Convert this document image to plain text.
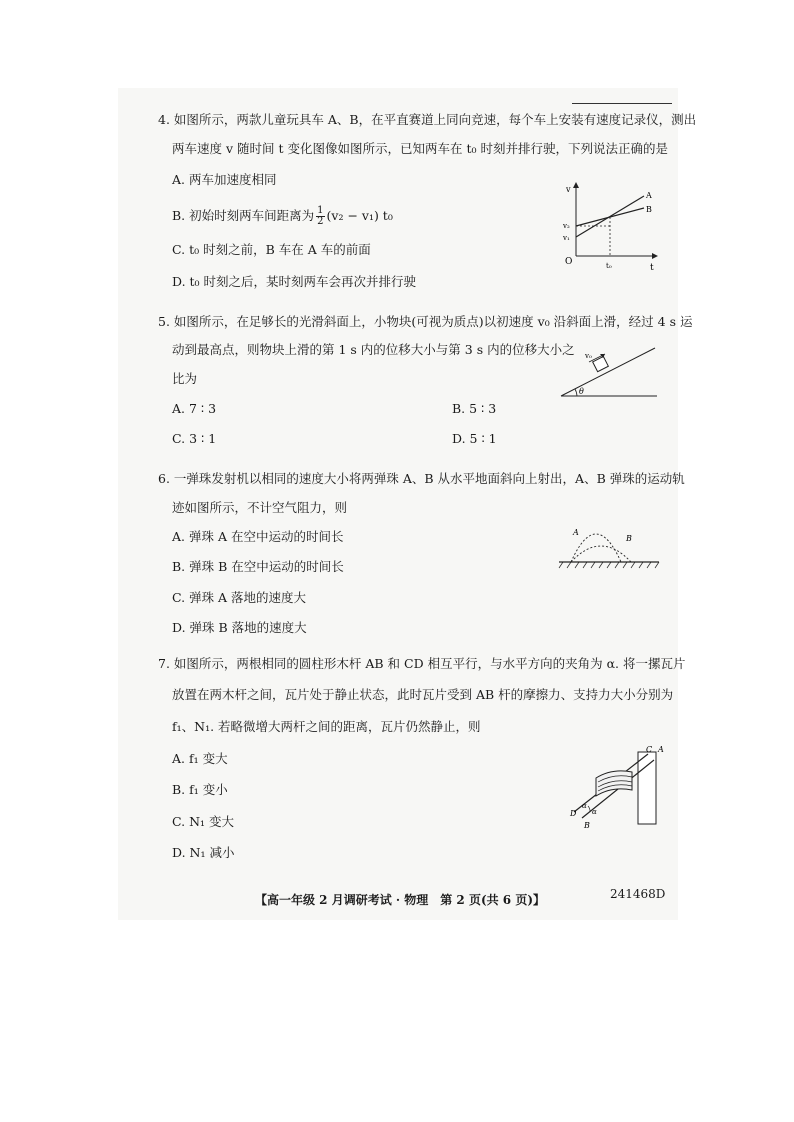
4. 如图所示，两款儿童玩具车 A、B，在平直赛道上同向竞速，每个车上安装有速度记录仪，测出
两车速度 v 随时间 t 变化图像如图所示，已知两车在 t₀ 时刻并排行驶，下列说法正确的是
A. 两车加速度相同
B. 初始时刻两车间距离为 $\frac{1}{2} (v_2 - v_1)$ t₀
C. t₀ 时刻之前，B 车在 A 车的前面
D. t₀ 时刻之后，某时刻两车会再次并排行驶
v
t
O
v₂
v₁
t₀
A
B
5. 如图所示，在足够长的光滑斜面上，小物块(可视为质点)以初速度 v₀ 沿斜面上滑，经过 4 s 运
动到最高点，则物块上滑的第 1 s 内的位移大小与第 3 s 内的位移大小之
比为
A. 7 ∶ 3	B. 5 ∶ 3
C. 3 ∶ 1	D. 5 ∶ 1
v₀
θ
6. 一弹珠发射机以相同的速度大小将两弹珠 A、B 从水平地面斜向上射出，A、B 弹珠的运动轨
迹如图所示，不计空气阻力，则
A. 弹珠 A 在空中运动的时间长
B. 弹珠 B 在空中运动的时间长
C. 弹珠 A 落地的速度大
D. 弹珠 B 落地的速度大
A
B
7. 如图所示，两根相同的圆柱形木杆 AB 和 CD 相互平行，与水平方向的夹角为 α. 将一摞瓦片
放置在两木杆之间，瓦片处于静止状态，此时瓦片受到 AB 杆的摩擦力、支持力大小分别为
f₁、N₁. 若略微增大两杆之间的距离，瓦片仍然静止，则
A. f₁ 变大
B. f₁ 变小
C. N₁ 变大
D. N₁ 减小
D
B
C A
α
α
【高一年级 2 月调研考试 · 物理　第 2 页(共 6 页)】	241468D
